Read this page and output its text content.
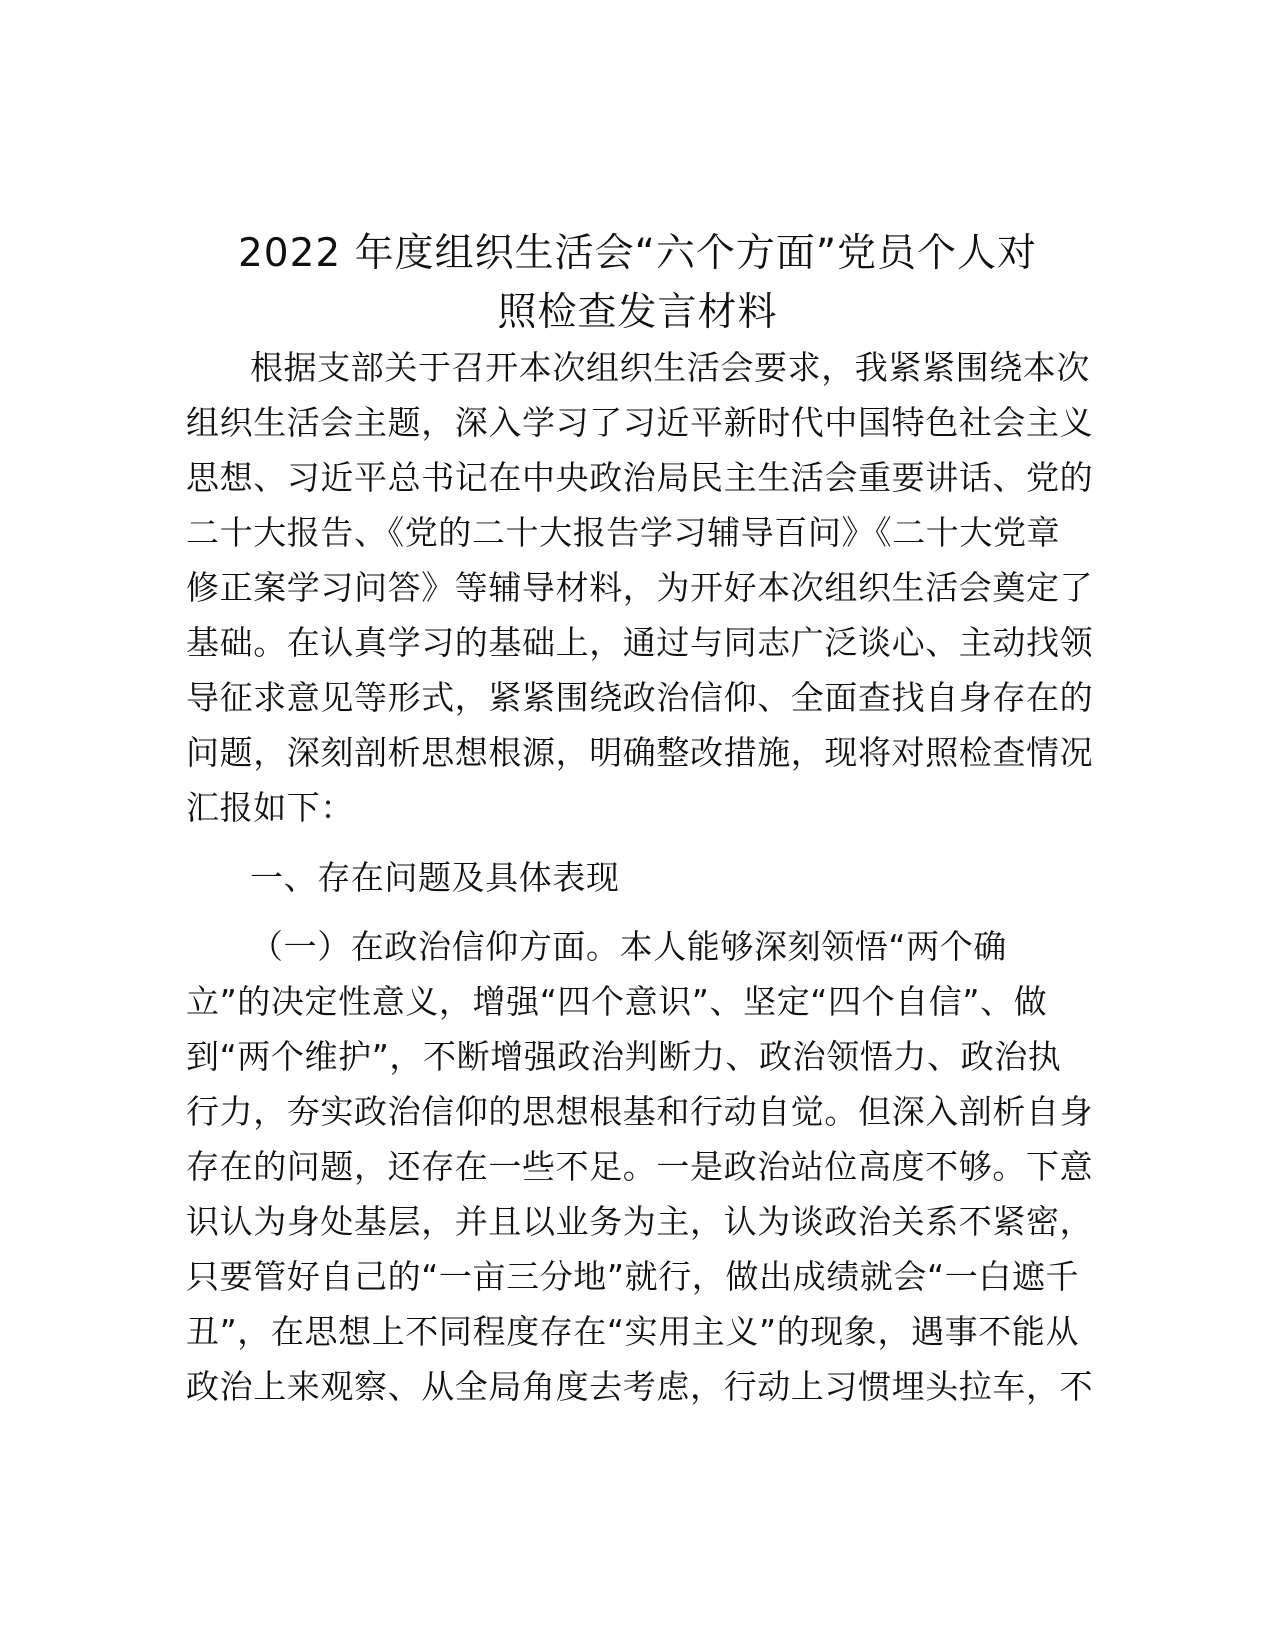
2022 年度组织生活会“六个方面”党员个人对
照检查发言材料

根据支部关于召开本次组织生活会要求，我紧紧围绕本次

组织生活会主题，深入学习了习近平新时代中国特色社会主义

思想、习近平总书记在中央政治局民主生活会重要讲话、党的

二十大报告、《党的二十大报告学习辅导百问》《二十大党章

修正案学习问答》等辅导材料，为开好本次组织生活会奠定了

基础。在认真学习的基础上，通过与同志广泛谈心、主动找领

导征求意见等形式，紧紧围绕政治信仰、全面查找自身存在的

问题，深刻剖析思想根源，明确整改措施，现将对照检查情况

汇报如下：

一、存在问题及具体表现

（一）在政治信仰方面。本人能够深刻领悟“两个确

立”的决定性意义，增强“四个意识”、坚定“四个自信”、做

到“两个维护”，不断增强政治判断力、政治领悟力、政治执

行力，夯实政治信仰的思想根基和行动自觉。但深入剖析自身

存在的问题，还存在一些不足。一是政治站位高度不够。下意

识认为身处基层，并且以业务为主，认为谈政治关系不紧密，

只要管好自己的“一亩三分地”就行，做出成绩就会“一白遮千

丑”，在思想上不同程度存在“实用主义”的现象，遇事不能从

政治上来观察、从全局角度去考虑，行动上习惯埋头拉车，不
